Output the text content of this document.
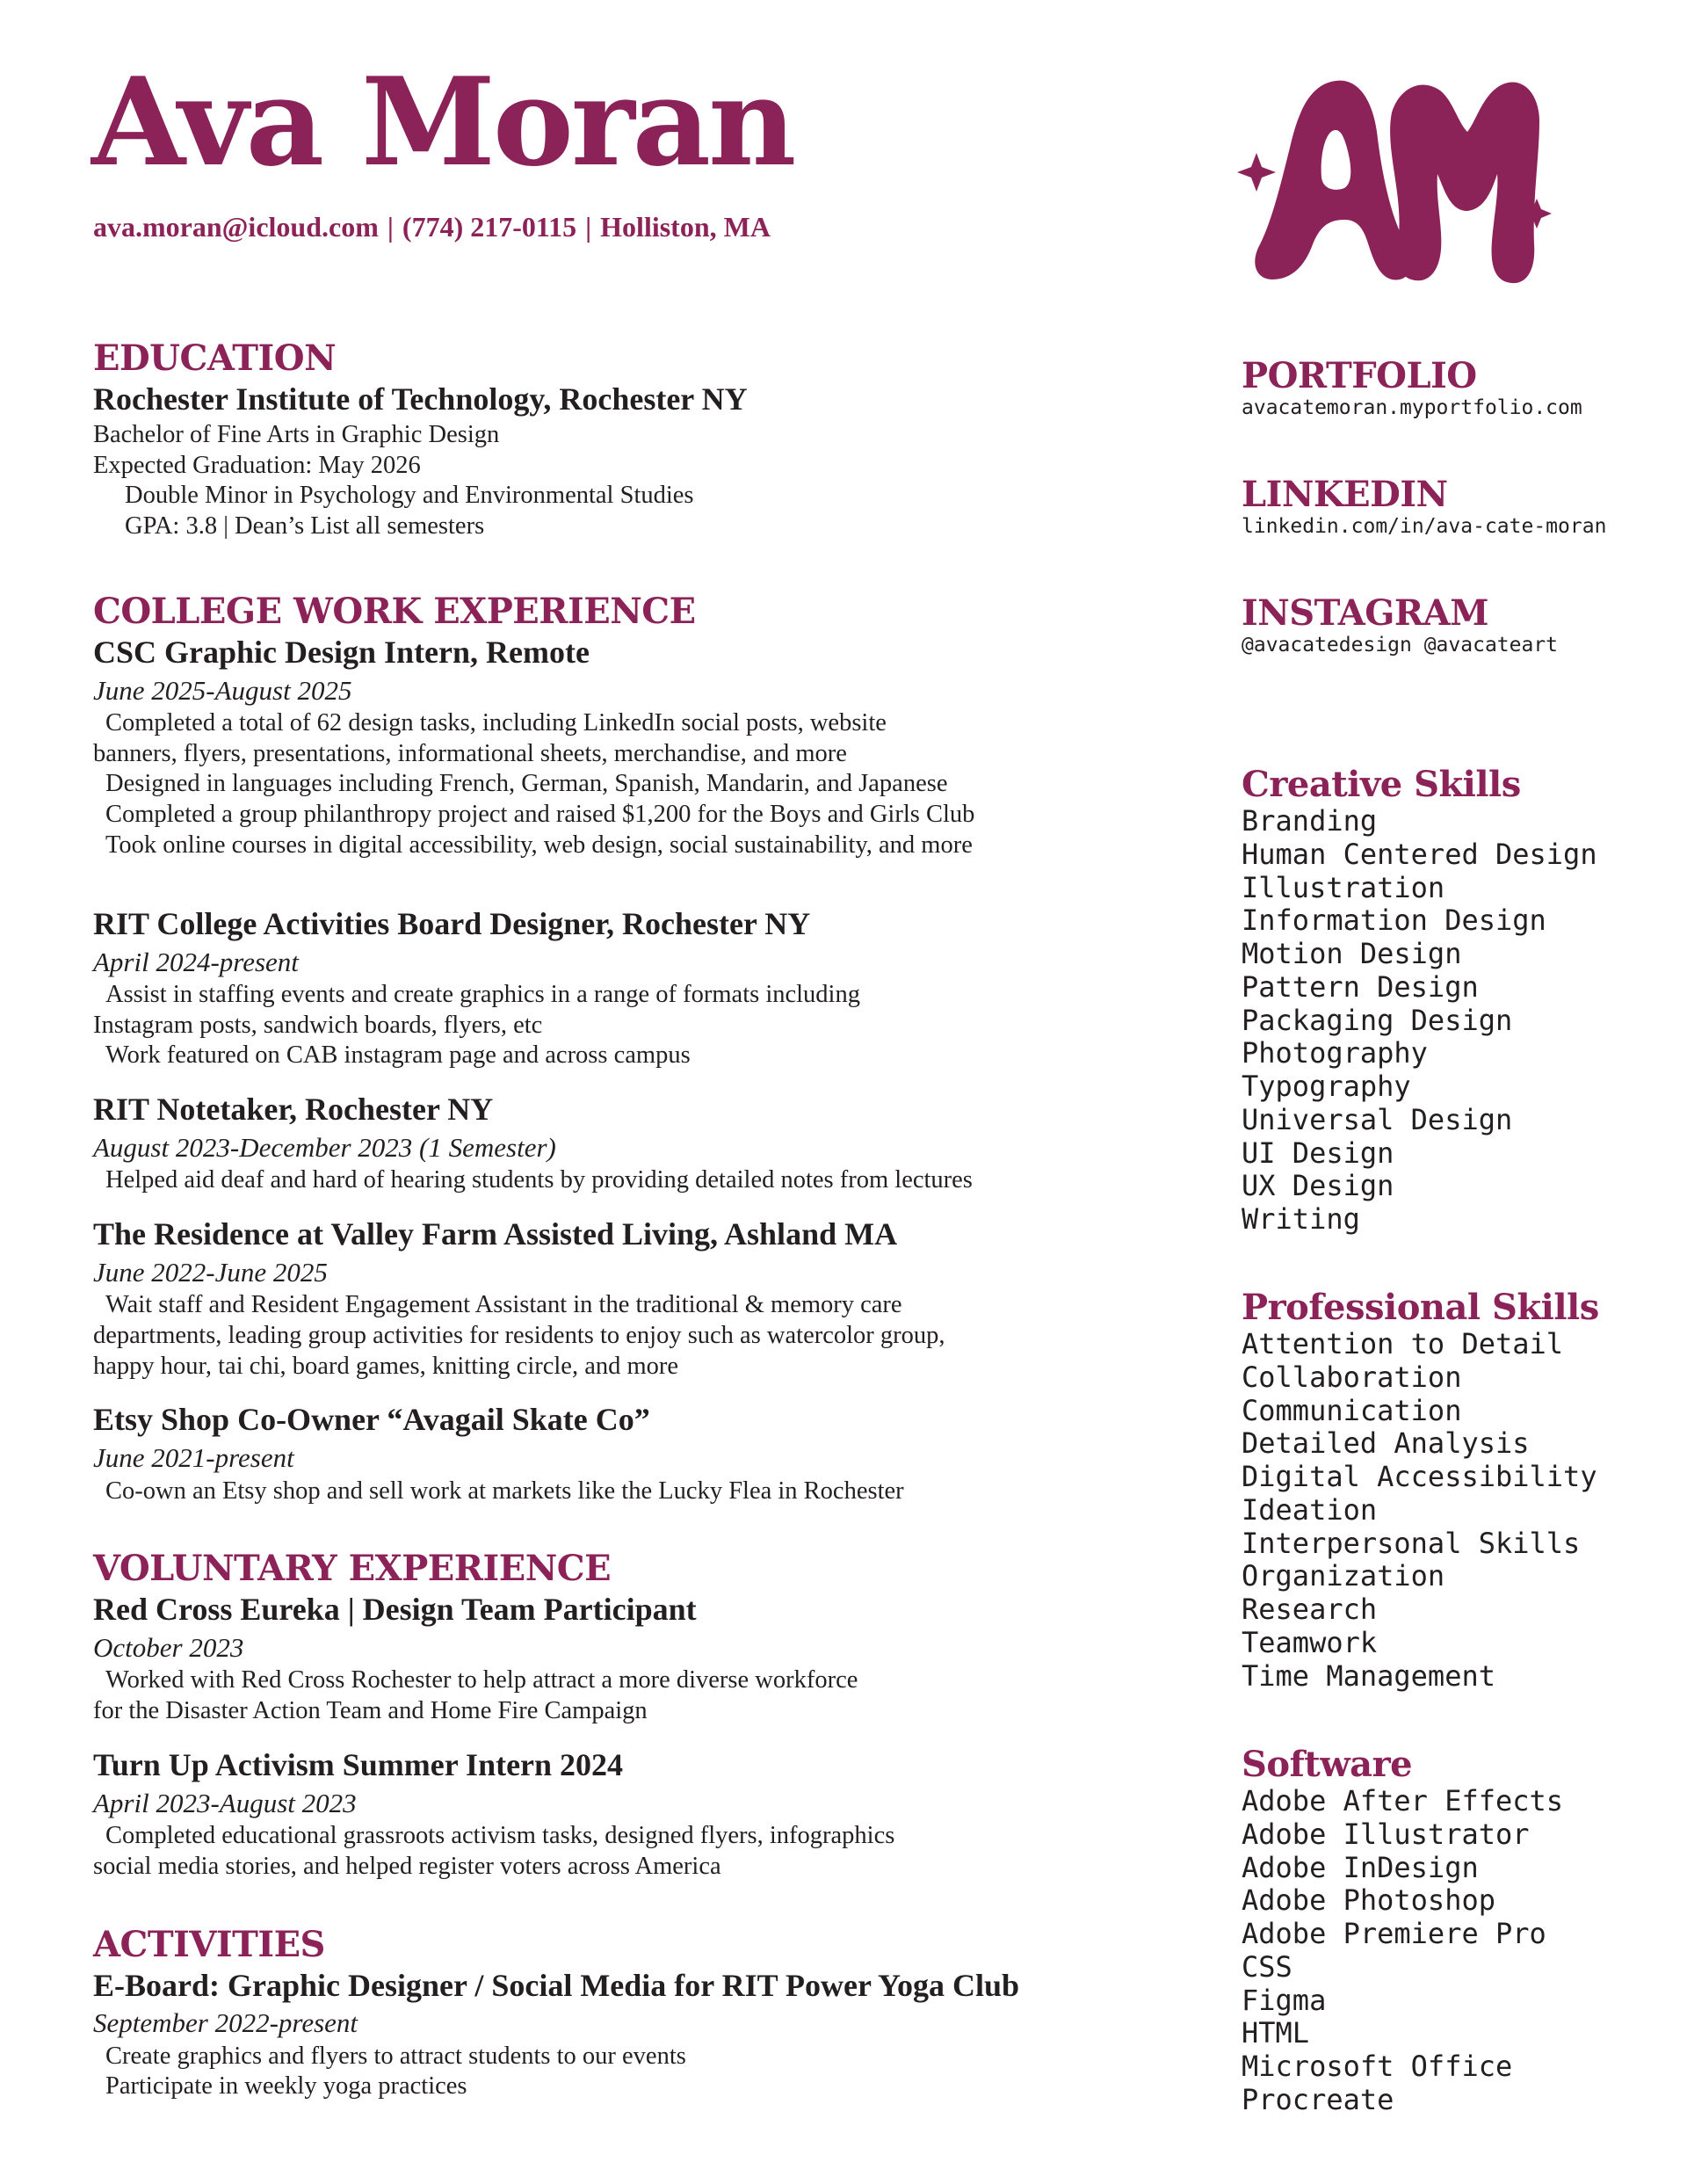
Ava Moran
ava.moran@icloud.com | (774) 217-0115 | Holliston, MA
EDUCATION

Rochester Institute of Technology, Rochester NY

Bachelor of Fine Arts in Graphic Design

Expected Graduation: May 2026

Double Minor in Psychology and Environmental Studies

GPA: 3.8 | Dean’s List all semesters

COLLEGE WORK EXPERIENCE

CSC Graphic Design Intern, Remote

June 2025-August 2025

Completed a total of 62 design tasks, including LinkedIn social posts, website

banners, flyers, presentations, informational sheets, merchandise, and more

Designed in languages including French, German, Spanish, Mandarin, and Japanese

Completed a group philanthropy project and raised $1,200 for the Boys and Girls Club

Took online courses in digital accessibility, web design, social sustainability, and more

RIT College Activities Board Designer, Rochester NY

April 2024-present

Assist in staffing events and create graphics in a range of formats including

Instagram posts, sandwich boards, flyers, etc

Work featured on CAB instagram page and across campus

RIT Notetaker, Rochester NY

August 2023-December 2023 (1 Semester)

Helped aid deaf and hard of hearing students by providing detailed notes from lectures

The Residence at Valley Farm Assisted Living, Ashland MA

June 2022-June 2025

Wait staff and Resident Engagement Assistant in the traditional & memory care

departments, leading group activities for residents to enjoy such as watercolor group,

happy hour, tai chi, board games, knitting circle, and more

Etsy Shop Co-Owner “Avagail Skate Co”

June 2021-present

Co-own an Etsy shop and sell work at markets like the Lucky Flea in Rochester

VOLUNTARY EXPERIENCE

Red Cross Eureka | Design Team Participant

October 2023

Worked with Red Cross Rochester to help attract a more diverse workforce

for the Disaster Action Team and Home Fire Campaign

Turn Up Activism Summer Intern 2024

April 2023-August 2023

Completed educational grassroots activism tasks, designed flyers, infographics

social media stories, and helped register voters across America

ACTIVITIES

E-Board: Graphic Designer / Social Media for RIT Power Yoga Club

September 2022-present

Create graphics and flyers to attract students to our events

Participate in weekly yoga practices

PORTFOLIO

avacatemoran.myportfolio.com

LINKEDIN

linkedin.com/in/ava-cate-moran

INSTAGRAM

@avacatedesign @avacateart

Creative Skills

Branding

Human Centered Design

Illustration

Information Design

Motion Design

Pattern Design

Packaging Design

Photography

Typography

Universal Design

UI Design

UX Design

Writing

Professional Skills

Attention to Detail

Collaboration

Communication

Detailed Analysis

Digital Accessibility

Ideation

Interpersonal Skills

Organization

Research

Teamwork

Time Management

Software

Adobe After Effects

Adobe Illustrator

Adobe InDesign

Adobe Photoshop

Adobe Premiere Pro

CSS

Figma

HTML

Microsoft Office

Procreate
